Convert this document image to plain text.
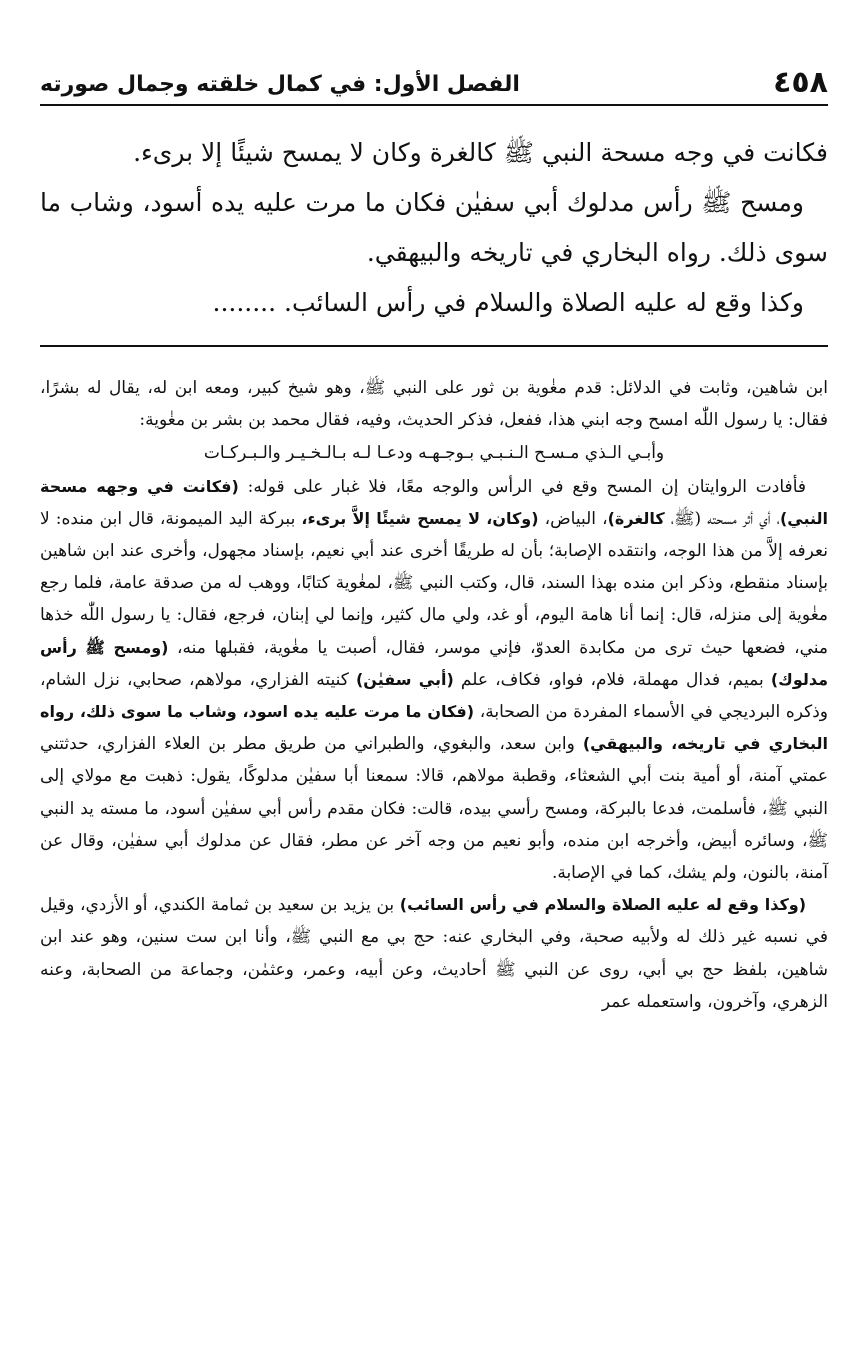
٤٥٨
الفصل الأول: في كمال خلقته وجمال صورته

فكانت في وجه مسحة النبي ﷺ كالغرة وكان لا يمسح شيئًا إلا برىء.

ومسح ﷺ رأس مدلوك أبي سفيٰن فكان ما مرت عليه يده أسود، وشاب ما سوى ذلك. رواه البخاري في تاريخه والبيهقي.

وكذا وقع له عليه الصلاة والسلام في رأس السائب. ........

ابن شاهين، وثابت في الدلائل: قدم مغٰوية بن ثور على النبي ﷺ، وهو شيخ كبير، ومعه ابن له، يقال له بشرًا، فقال: يا رسول اللّٰه امسح وجه ابني هذا، ففعل، فذكر الحديث، وفيه، فقال محمد بن بشر بن مغٰوية:

وأبـي الـذي مـسـح الـنـبـي بـوجـهـه ودعـا لـه بـالـخـيـر والـبـركـات

فأفادت الروايتان إن المسح وقع في الرأس والوجه معًا، فلا غبار على قوله: (فكانت في وجهه مسحة النبي)، أي أثر مسحته (ﷺ، كالغرة)، البياض، (وكان، لا يمسح شيئًا إلاَّ برىء، ببركة اليد الميمونة، قال ابن منده: لا نعرفه إلاَّ من هذا الوجه، وانتقده الإصابة؛ بأن له طريقًا أخرى عند أبي نعيم، بإسناد مجهول، وأخرى عند ابن شاهين بإسناد منقطع، وذكر ابن منده بهذا السند، قال، وكتب النبي ﷺ، لمغٰوية كتابًا، ووهب له من صدقة عامة، فلما رجع مغٰوية إلى منزله، قال: إنما أنا هامة اليوم، أو غد، ولي مال كثير، وإنما لي إبنان، فرجع، فقال: يا رسول اللّٰه خذها مني، فضعها حيث ترى من مكابدة العدوّ، فإني موسر، فقال، أصبت يا مغٰوية، فقبلها منه، (ومسح ﷺ رأس مدلوك) بميم، فدال مهملة، فلام، فواو، فكاف، علم (أبي سفيٰن) كنيته الفزاري، مولاهم، صحابي، نزل الشام، وذكره البرديجي في الأسماء المفردة من الصحابة، (فكان ما مرت عليه يده اسود، وشاب ما سوى ذلك، رواه البخاري في تاريخه، والبيهقي) وابن سعد، والبغوي، والطبراني من طريق مطر بن العلاء الفزاري، حدثتني عمتي آمنة، أو أمية بنت أبي الشعثاء، وقطبة مولاهم، قالا: سمعنا أبا سفيٰن مدلوكًا، يقول: ذهبت مع مولاي إلى النبي ﷺ، فأسلمت، فدعا بالبركة، ومسح رأسي بيده، قالت: فكان مقدم رأس أبي سفيٰن أسود، ما مسته يد النبي ﷺ، وسائره أبيض، وأخرجه ابن منده، وأبو نعيم من وجه آخر عن مطر، فقال عن مدلوك أبي سفيٰن، وقال عن آمنة، بالنون، ولم يشك، كما في الإصابة.

(وكذا وقع له عليه الصلاة والسلام في رأس السائب) بن يزيد بن سعيد بن ثمامة الكندي، أو الأزدي، وقيل في نسبه غير ذلك له ولأبيه صحبة، وفي البخاري عنه: حج بي مع النبي ﷺ، وأنا ابن ست سنين، وهو عند ابن شاهين، بلفظ حج بي أبي، روى عن النبي ﷺ أحاديث، وعن أبيه، وعمر، وعثمٰن، وجماعة من الصحابة، وعنه الزهري، وآخرون، واستعمله عمر
